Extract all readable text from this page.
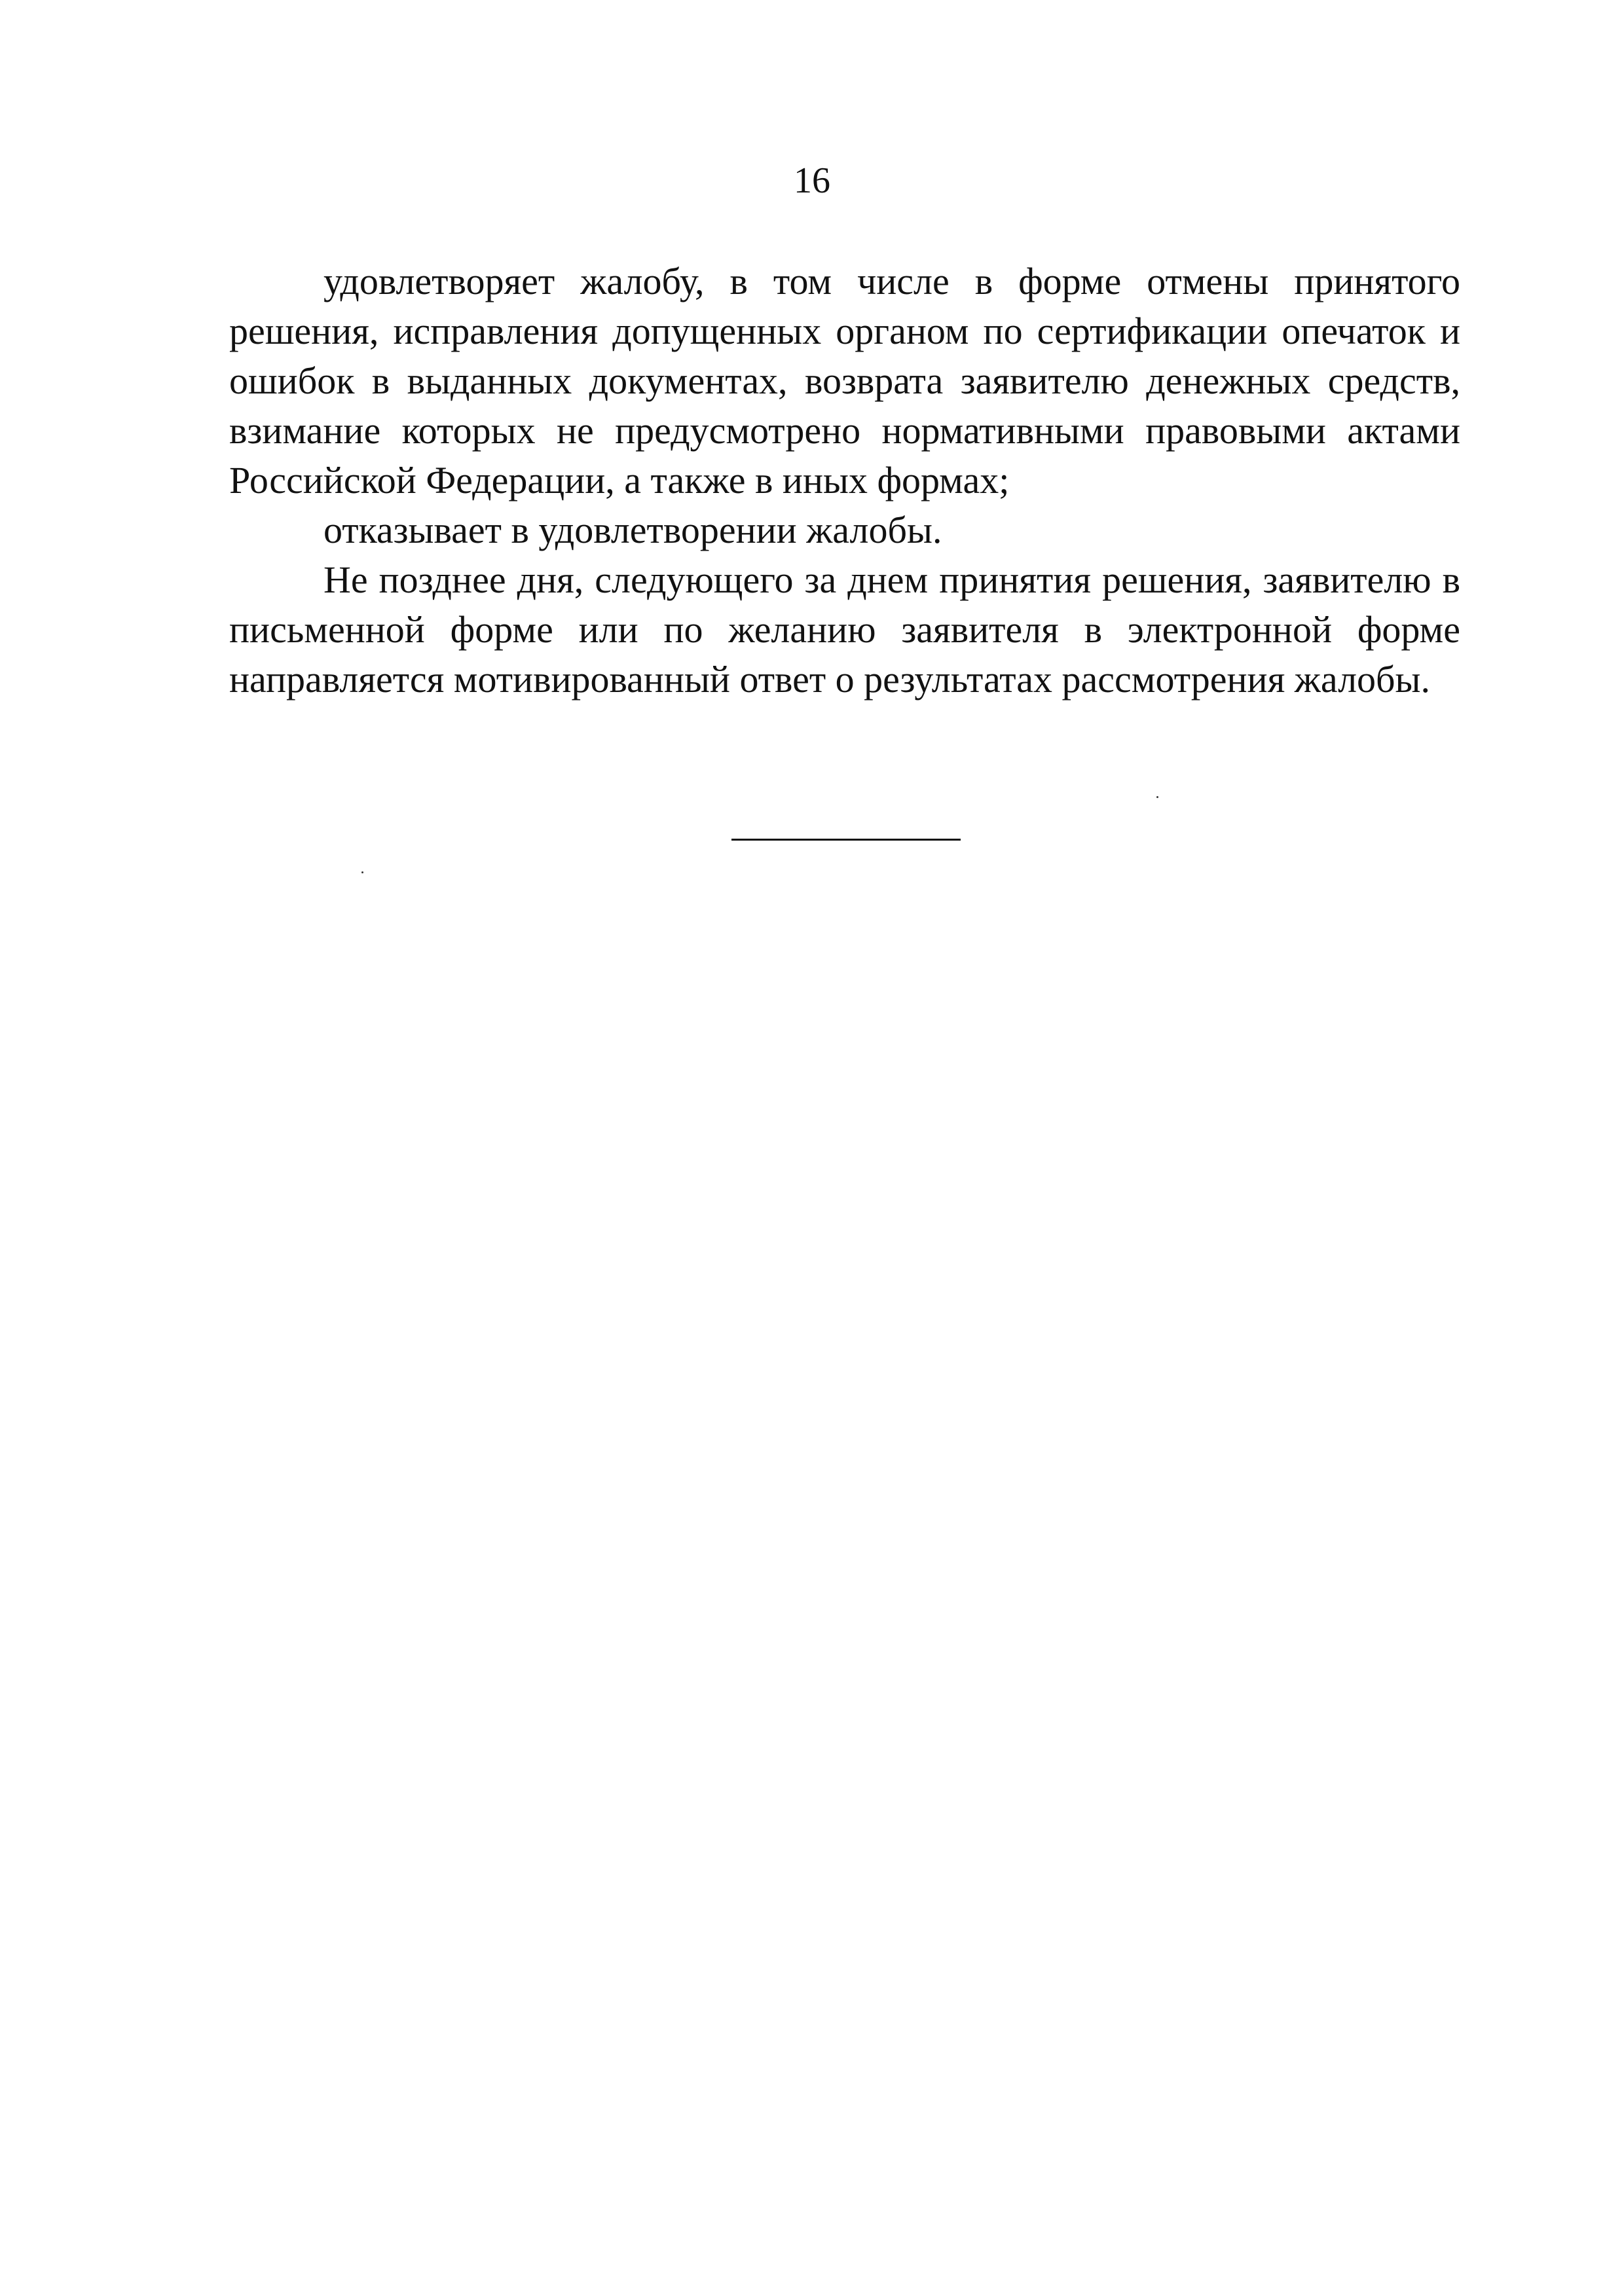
16

удовлетворяет жалобу, в том числе в форме отмены принятого решения, исправления допущенных органом по сертификации опечаток и ошибок в выданных документах, возврата заявителю денежных средств, взимание которых не предусмотрено нормативными правовыми актами Российской Федерации, а также в иных формах;

отказывает в удовлетворении жалобы.

Не позднее дня, следующего за днем принятия решения, заявителю в письменной форме или по желанию заявителя в электронной форме направляется мотивированный ответ о результатах рассмотрения жалобы.
